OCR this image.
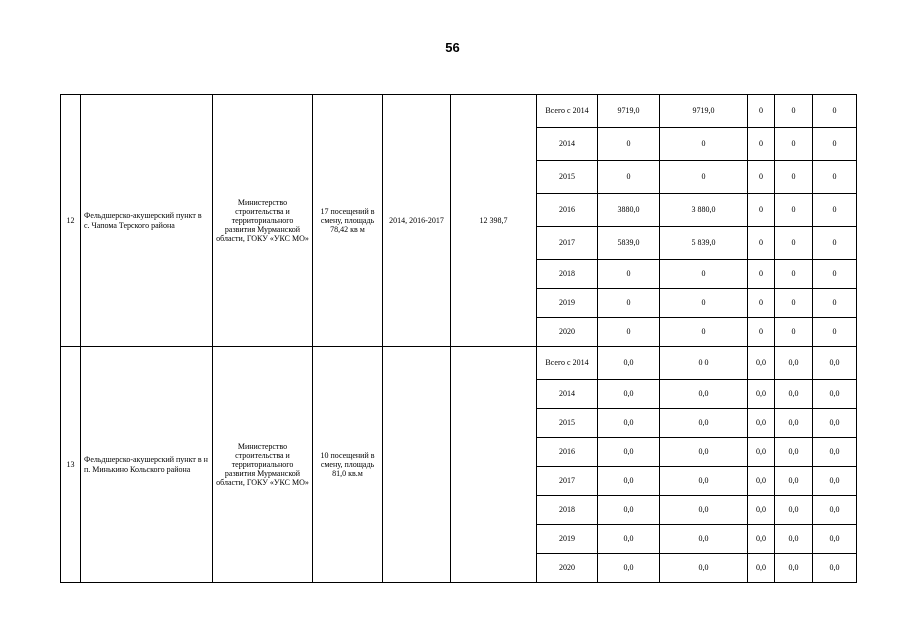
56
12	Фельдшерско-акушерский пункт в с. Чапома Терского района	Министерство строительства и территориального развития Мурманской области, ГОКУ «УКС МО»	17 посещений в смену, площадь 78,42 кв м	2014, 2016-2017	12 398,7	Всего с 2014	9719,0	9719,0	0	0	0
						2014	0	0	0	0	0
						2015	0	0	0	0	0
						2016	3880,0	3 880,0	0	0	0
						2017	5839,0	5 839,0	0	0	0
						2018	0	0	0	0	0
						2019	0	0	0	0	0
						2020	0	0	0	0	0
13	Фельдшерско-акушерский пункт в н п. Минькино Кольского района	Министерство строительства и территориального развития Мурманской области, ГОКУ «УКС МО»	10 посещений в смену, площадь 81,0 кв.м			Всего с 2014	0,0	0 0	0,0	0,0	0,0
						2014	0,0	0,0	0,0	0,0	0,0
						2015	0,0	0,0	0,0	0,0	0,0
						2016	0,0	0,0	0,0	0,0	0,0
						2017	0,0	0,0	0,0	0,0	0,0
						2018	0,0	0,0	0,0	0,0	0,0
						2019	0,0	0,0	0,0	0,0	0,0
						2020	0,0	0,0	0,0	0,0	0,0
